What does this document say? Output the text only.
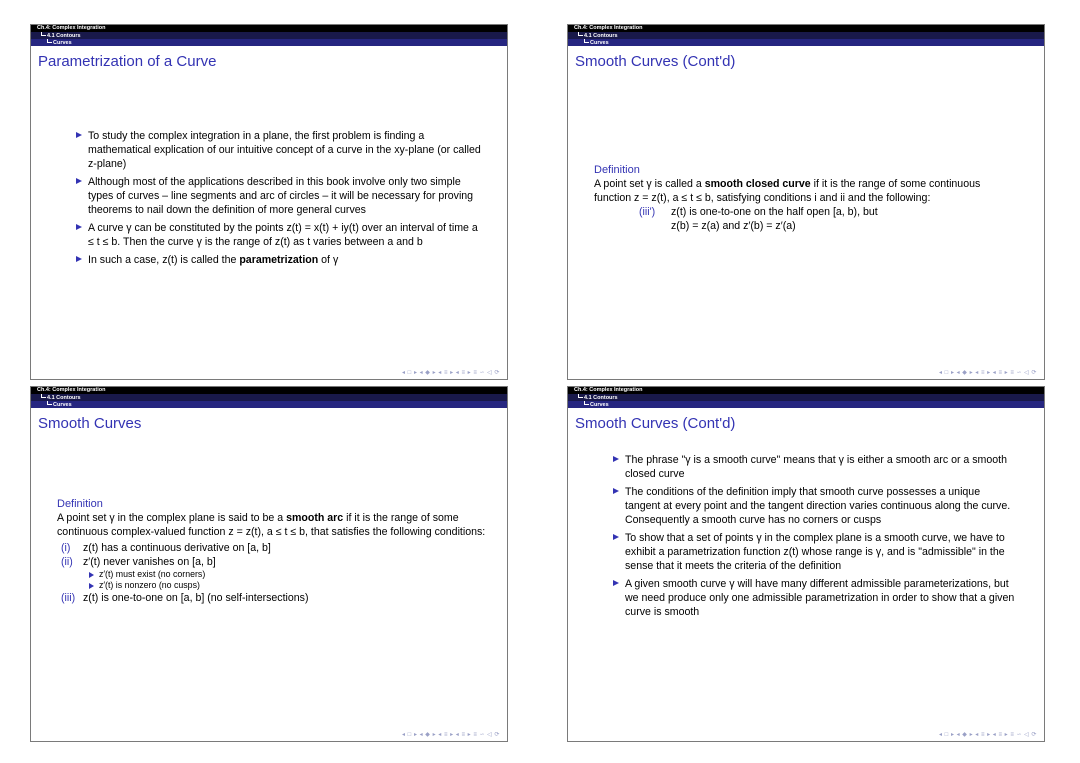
Ch.4: Complex Integration
4.1 Contours
Curves
Parametrization of a Curve
To study the complex integration in a plane, the first problem is finding a mathematical explication of our intuitive concept of a curve in the xy-plane (or called z-plane)
Although most of the applications described in this book involve only two simple types of curves – line segments and arc of circles – it will be necessary for proving theorems to nail down the definition of more general curves
A curve γ can be constituted by the points z(t) = x(t) + iy(t) over an interval of time a ≤ t ≤ b. Then the curve γ is the range of z(t) as t varies between a and b
In such a case, z(t) is called the parametrization of γ
◂ □ ▸ ◂ ◆ ▸ ◂ ≡ ▸ ◂ ≡ ▸ ≡ ∽ ◁ ⟳
Ch.4: Complex Integration
4.1 Contours
Curves
Smooth Curves (Cont'd)
Definition
A point set γ is called a smooth closed curve if it is the range of some continuous function z = z(t), a ≤ t ≤ b, satisfying conditions i and ii and the following:
(iii') z(t) is one-to-one on the half open [a, b), but
z(b) = z(a) and z′(b) = z′(a)
◂ □ ▸ ◂ ◆ ▸ ◂ ≡ ▸ ◂ ≡ ▸ ≡ ∽ ◁ ⟳
Ch.4: Complex Integration
4.1 Contours
Curves
Smooth Curves
Definition
A point set γ in the complex plane is said to be a smooth arc if it is the range of some continuous complex-valued function z = z(t), a ≤ t ≤ b, that satisfies the following conditions:
(i) z(t) has a continuous derivative on [a, b]
(ii) z′(t) never vanishes on [a, b]
z′(t) must exist (no corners)
z′(t) is nonzero (no cusps)
(iii) z(t) is one-to-one on [a, b] (no self-intersections)
◂ □ ▸ ◂ ◆ ▸ ◂ ≡ ▸ ◂ ≡ ▸ ≡ ∽ ◁ ⟳
Ch.4: Complex Integration
4.1 Contours
Curves
Smooth Curves (Cont'd)
The phrase "γ is a smooth curve" means that γ is either a smooth arc or a smooth closed curve
The conditions of the definition imply that smooth curve possesses a unique tangent at every point and the tangent direction varies continuous along the curve. Consequently a smooth curve has no corners or cusps
To show that a set of points γ in the complex plane is a smooth curve, we have to exhibit a parametrization function z(t) whose range is γ, and is "admissible" in the sense that it meets the criteria of the definition
A given smooth curve γ will have many different admissible parameterizations, but we need produce only one admissible parametrization in order to show that a given curve is smooth
◂ □ ▸ ◂ ◆ ▸ ◂ ≡ ▸ ◂ ≡ ▸ ≡ ∽ ◁ ⟳
